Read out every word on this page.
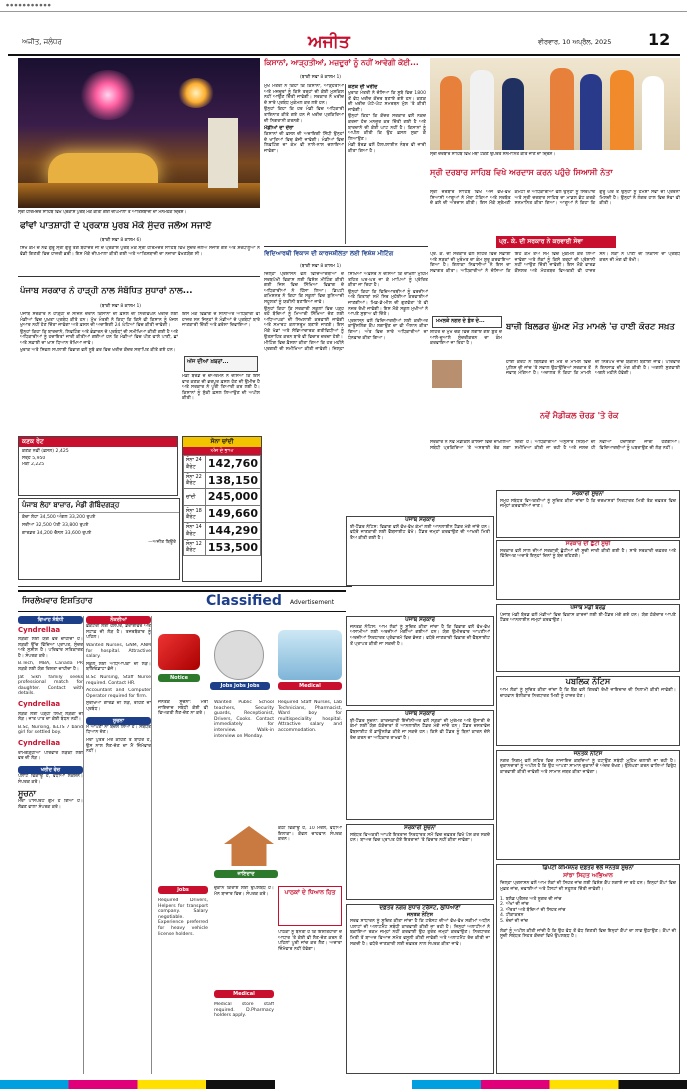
● ● ● ● ● ● ● ● ● ● ●
ਅਜੀਤ, ਜਲੰਧਰ	ਅਜੀਤ	ਵੀਰਵਾਰ, 10 ਅਪ੍ਰੈਲ, 2025 12
ਸ੍ਰੀ ਹਰਿਮੰਦਰ ਸਾਹਿਬ ਵਿਖੇ ਪ੍ਰਕਾਸ਼ ਪੁਰਬ ਮੌਕੇ ਕੀਤੀ ਗਈ ਦੀਪਮਾਲਾ ਤੇ ਆਤਿਸ਼ਬਾਜ਼ੀ ਦਾ ਮਨਮੋਹਕ ਦ੍ਰਿਸ਼।
ਫਾਂਵਾਂ ਪਾਤਸ਼ਾਹੀ ਦੇ ਪ੍ਰਕਾਸ਼ ਪੁਰਬ ਮੌਕੇ ਸੁੰਦਰ ਜਲੌਅ ਸਜਾਏ
(ਬਾਕੀ ਸਫਾ 8 ਕਾਲਮ 6)
ਸਿੱਖ ਕੌਮ ਦੇ ਨੌਵੇਂ ਗੁਰੂ ਸ੍ਰੀ ਗੁਰੂ ਤੇਗ ਬਹਾਦਰ ਜੀ ਦੇ ਪ੍ਰਕਾਸ਼ ਪੁਰਬ ਮੌਕੇ ਸ੍ਰੀ ਹਰਿਮੰਦਰ ਸਾਹਿਬ ਵਿਖੇ ਸੁੰਦਰ ਜਲੌਅ ਸਜਾਏ ਗਏ ਅਤੇ ਸ਼ਰਧਾਲੂਆਂ ਨੇ ਵੱਡੀ ਗਿਣਤੀ ਵਿਚ ਹਾਜ਼ਰੀ ਭਰੀ। ਇਸ ਮੌਕੇ ਦੀਪਮਾਲਾ ਕੀਤੀ ਗਈ ਅਤੇ ਆਤਿਸ਼ਬਾਜ਼ੀ ਦਾ ਨਜ਼ਾਰਾ ਵੇਖਣਯੋਗ ਸੀ।
ਪੰਜਾਬ ਸਰਕਾਰ ਨੇ ਹਾੜ੍ਹੀ ਨਾਲ ਸੰਬੰਧਿਤ ਸੁਧਾਰਾਂ ਨਾਲ...
(ਬਾਕੀ ਸਫਾ 8 ਕਾਲਮ 1)

ਪੰਜਾਬ ਸਰਕਾਰ ਨੇ ਹਾੜ੍ਹੀ ਦੇ ਸੀਜ਼ਨ ਦੌਰਾਨ ਕਿਸਾਨਾਂ ਦੀ ਫ਼ਸਲ ਦੀ ਨਿਰਵਿਘਨ ਖਰੀਦ ਲਈ ਮੰਡੀਆਂ ਵਿਚ ਪੁਖ਼ਤਾ ਪ੍ਰਬੰਧ ਕੀਤੇ ਹਨ। ਮੁੱਖ ਮੰਤਰੀ ਨੇ ਕਿਹਾ ਕਿ ਕਿਸੇ ਵੀ ਕਿਸਾਨ ਨੂੰ ਖੱਜਲ ਖੁਆਰ ਨਹੀਂ ਹੋਣ ਦਿੱਤਾ ਜਾਵੇਗਾ ਅਤੇ ਫ਼ਸਲ ਦੀ ਅਦਾਇਗੀ 24 ਘੰਟਿਆਂ ਵਿਚ ਕੀਤੀ ਜਾਵੇਗੀ।

ਉਨ੍ਹਾਂ ਕਿਹਾ ਕਿ ਬਾਰਦਾਨੇ, ਲਿਫਟਿੰਗ ਅਤੇ ਭੰਡਾਰਨ ਦੇ ਪ੍ਰਬੰਧਾਂ ਦੀ ਸਮੀਖਿਆ ਕੀਤੀ ਗਈ ਹੈ ਅਤੇ ਅਧਿਕਾਰੀਆਂ ਨੂੰ ਹਦਾਇਤਾਂ ਜਾਰੀ ਕੀਤੀਆਂ ਗਈਆਂ ਹਨ ਕਿ ਮੰਡੀਆਂ ਵਿਚ ਪੀਣ ਵਾਲੇ ਪਾਣੀ, ਛਾਂ ਅਤੇ ਸਫ਼ਾਈ ਦਾ ਖ਼ਾਸ ਧਿਆਨ ਰੱਖਿਆ ਜਾਵੇ।

ਖੁਰਾਕ ਅਤੇ ਸਿਵਲ ਸਪਲਾਈ ਵਿਭਾਗ ਵਲੋਂ ਸੂਬੇ ਭਰ ਵਿਚ ਖਰੀਦ ਕੇਂਦਰ ਸਥਾਪਿਤ ਕੀਤੇ ਗਏ ਹਨ।

ਇਸ ਮੌਕੇ ਵਿਭਾਗ ਦੇ ਸੀਨੀਅਰ ਅਧਿਕਾਰੀ ਵੀ ਹਾਜ਼ਰ ਸਨ ਜਿਨ੍ਹਾਂ ਨੇ ਮੰਡੀਆਂ ਦੇ ਪ੍ਰਬੰਧਾਂ ਬਾਰੇ ਜਾਣਕਾਰੀ ਦਿੱਤੀ ਅਤੇ ਭਰੋਸਾ ਦਿਵਾਇਆ।
ਅੱਜ ਦੀਆਂ ਖ਼ਬਰਾਂ...
ਮੰਡੀ ਬੋਰਡ ਦੇ ਚੇਅਰਮੈਨ ਨੇ ਦੱਸਿਆ ਕਿ ਇਸ ਵਾਰ ਕਣਕ ਦੀ ਭਰਪੂਰ ਫ਼ਸਲ ਹੋਣ ਦੀ ਉਮੀਦ ਹੈ ਅਤੇ ਸਰਕਾਰ ਨੇ ਪੂਰੀ ਤਿਆਰੀ ਕਰ ਲਈ ਹੈ। ਕਿਸਾਨਾਂ ਨੂੰ ਸੁੱਕੀ ਫ਼ਸਲ ਲਿਆਉਣ ਦੀ ਅਪੀਲ ਕੀਤੀ।
ਕਣਕ ਰੇਟ
ਕਣਕ ਨਵੀਂ (ਫ਼ਸਲ) 2,425
ਸਰ੍ਹੋਂ 5,950
ਮੱਕੀ 2,225
ਪੰਜਾਬ ਲੇਹਾ ਬਾਜ਼ਾਰ, ਮੰਡੀ ਗੋਬਿੰਦਗੜ੍ਹ
ਕੱਚਾ ਲੋਹਾ 34,500 ਅੰਗਲ 33,200 ਰੁਪਏ
ਸਰੀਆ 32,500 ਪੱਤੀ 33,800 ਰੁਪਏ
ਗਾਰਡਰ 34,200 ਚੈਨਲ 33,600 ਰੁਪਏ
—ਅਜੀਤ ਬਿਊਰੋ
ਸੋਨਾ ਚਾਂਦੀ
ਅੱਜ ਦੇ ਭਾਅ
ਸੋਨਾ 24 ਕੈਰੇਟ	142,760
ਸੋਨਾ 22 ਕੈਰੇਟ	138,150
ਚਾਂਦੀ	245,000
ਸੋਨਾ 18 ਕੈਰੇਟ	149,660
ਸੋਨਾ 14 ਕੈਰੇਟ	144,290
ਸੋਨਾ 12 ਕੈਰੇਟ	153,500
ਕਿਸਾਨਾਂ, ਆੜ੍ਹਤੀਆਂ, ਮਜ਼ਦੂਰਾਂ ਨੂੰ ਨਹੀਂ ਆਵੇਗੀ ਕੋਈ...
(ਬਾਕੀ ਸਫਾ 8 ਕਾਲਮ 1)

ਮੁੱਖ ਮੰਤਰੀ ਨੇ ਕਿਹਾ ਕਿ ਕਿਸਾਨਾਂ, ਆੜ੍ਹਤੀਆਂ ਅਤੇ ਮਜ਼ਦੂਰਾਂ ਨੂੰ ਕਿਸੇ ਤਰ੍ਹਾਂ ਦੀ ਕੋਈ ਮੁਸ਼ਕਿਲ ਨਹੀਂ ਆਉਣ ਦਿੱਤੀ ਜਾਵੇਗੀ। ਸਰਕਾਰ ਨੇ ਖਰੀਦ ਦੇ ਸਾਰੇ ਪ੍ਰਬੰਧ ਮੁਕੰਮਲ ਕਰ ਲਏ ਹਨ।

ਉਨ੍ਹਾਂ ਕਿਹਾ ਕਿ ਹਰ ਮੰਡੀ ਵਿਚ ਅਧਿਕਾਰੀ ਤਾਇਨਾਤ ਕੀਤੇ ਗਏ ਹਨ ਜੋ ਖਰੀਦ ਪ੍ਰਕਿਰਿਆ ਦੀ ਨਿਗਰਾਨੀ ਕਰਨਗੇ।

ਮੰਡੀਆਂ ਦਾ ਦੌਰਾ

ਕਿਸਾਨਾਂ ਦੀ ਫ਼ਸਲ ਦੀ ਅਦਾਇਗੀ ਸਿੱਧੀ ਉਨ੍ਹਾਂ ਦੇ ਖਾਤਿਆਂ ਵਿਚ ਭੇਜੀ ਜਾਵੇਗੀ। ਮੰਡੀਆਂ ਵਿਚ ਲਿਫ਼ਟਿੰਗ ਦਾ ਕੰਮ ਵੀ ਨਾਲੋ-ਨਾਲ ਚਲਾਇਆ ਜਾਵੇਗਾ।

ਕਣਕ ਦੀ ਖਰੀਦ

ਖੁਰਾਕ ਮੰਤਰੀ ਨੇ ਦੱਸਿਆ ਕਿ ਸੂਬੇ ਵਿਚ 1800 ਤੋਂ ਵੱਧ ਖਰੀਦ ਕੇਂਦਰ ਬਣਾਏ ਗਏ ਹਨ। ਕਣਕ ਦੀ ਖਰੀਦ ਘੱਟੋ-ਘੱਟ ਸਮਰਥਨ ਮੁੱਲ 'ਤੇ ਕੀਤੀ ਜਾਵੇਗੀ।

ਉਨ੍ਹਾਂ ਕਿਹਾ ਕਿ ਕੇਂਦਰ ਸਰਕਾਰ ਵਲੋਂ ਨਕਦ ਕਰਜ਼ਾ ਹੱਦ ਮਨਜ਼ੂਰ ਕਰ ਦਿੱਤੀ ਗਈ ਹੈ ਅਤੇ ਬਾਰਦਾਨੇ ਦੀ ਕੋਈ ਘਾਟ ਨਹੀਂ ਹੈ। ਕਿਸਾਨਾਂ ਨੂੰ ਅਪੀਲ ਕੀਤੀ ਕਿ ਉਹ ਫ਼ਸਲ ਸੁਕਾ ਕੇ ਲਿਆਉਣ।

ਮੰਡੀ ਬੋਰਡ ਵਲੋਂ ਹੈਲਪਲਾਈਨ ਨੰਬਰ ਵੀ ਜਾਰੀ ਕੀਤਾ ਗਿਆ ਹੈ।

ਵਿਦਿਆਰਥੀ ਵਿਕਾਸ ਦੀ ਕਾਰਜਸ਼ੀਲਤਾ ਲਈ ਵਿਸ਼ੇਸ਼ ਮੀਟਿੰਗ
(ਬਾਕੀ ਸਫਾ 8 ਕਾਲਮ 1)

ਜ਼ਿਲ੍ਹਾ ਪ੍ਰਸ਼ਾਸਨ ਵਲੋਂ ਵਿਦਿਆਰਥੀਆਂ ਦੇ ਸਰਬਪੱਖੀ ਵਿਕਾਸ ਲਈ ਵਿਸ਼ੇਸ਼ ਮੀਟਿੰਗ ਕੀਤੀ ਗਈ ਜਿਸ ਵਿਚ ਸਿੱਖਿਆ ਵਿਭਾਗ ਦੇ ਅਧਿਕਾਰੀਆਂ ਨੇ ਹਿੱਸਾ ਲਿਆ। ਡਿਪਟੀ ਕਮਿਸ਼ਨਰ ਨੇ ਕਿਹਾ ਕਿ ਸਕੂਲਾਂ ਵਿਚ ਬੁਨਿਆਦੀ ਸਹੂਲਤਾਂ ਨੂੰ ਯਕੀਨੀ ਬਣਾਇਆ ਜਾਵੇ।

ਉਨ੍ਹਾਂ ਕਿਹਾ ਕਿ ਸਰਕਾਰੀ ਸਕੂਲਾਂ ਵਿਚ ਪੜ੍ਹ ਰਹੇ ਬੱਚਿਆਂ ਨੂੰ ਮਿਆਰੀ ਸਿੱਖਿਆ ਦੇਣ ਲਈ ਅਧਿਆਪਕਾਂ ਦੀ ਸਿਖਲਾਈ ਕਰਵਾਈ ਜਾਵੇਗੀ ਅਤੇ ਸਮਾਰਟ ਕਲਾਸਰੂਮ ਬਣਾਏ ਜਾਣਗੇ। ਇਸ ਮੌਕੇ ਖੇਡਾਂ ਅਤੇ ਸੱਭਿਆਚਾਰਕ ਗਤੀਵਿਧੀਆਂ ਨੂੰ ਉਤਸ਼ਾਹਿਤ ਕਰਨ ਬਾਰੇ ਵੀ ਵਿਚਾਰ ਚਰਚਾ ਹੋਈ।

ਮੀਟਿੰਗ ਵਿਚ ਫ਼ੈਸਲਾ ਕੀਤਾ ਗਿਆ ਕਿ ਹਰ ਮਹੀਨੇ ਪ੍ਰਗਤੀ ਦੀ ਸਮੀਖਿਆ ਕੀਤੀ ਜਾਵੇਗੀ। ਜ਼ਿਲ੍ਹਾ ਸਿੱਖਿਆ ਅਫ਼ਸਰ ਨੇ ਦੱਸਿਆ ਕਿ ਦਾਖ਼ਲਾ ਮੁਹਿੰਮ ਤਹਿਤ ਘਰ-ਘਰ ਜਾ ਕੇ ਮਾਪਿਆਂ ਨੂੰ ਪ੍ਰੇਰਿਤ ਕੀਤਾ ਜਾ ਰਿਹਾ ਹੈ।

ਉਨ੍ਹਾਂ ਕਿਹਾ ਕਿ ਵਿਦਿਆਰਥੀਆਂ ਨੂੰ ਵਰਦੀਆਂ ਅਤੇ ਕਿਤਾਬਾਂ ਸਮੇਂ ਸਿਰ ਮੁਹੱਈਆ ਕਰਵਾਈਆਂ ਜਾਣਗੀਆਂ। ਮਿਡ-ਡੇ-ਮੀਲ ਦੀ ਗੁਣਵੱਤਾ 'ਤੇ ਵੀ ਨਜ਼ਰ ਰੱਖੀ ਜਾਵੇਗੀ। ਇਸ ਮੌਕੇ ਸਕੂਲ ਮੁਖੀਆਂ ਨੇ ਆਪਣੇ ਸੁਝਾਅ ਵੀ ਦਿੱਤੇ।

ਪ੍ਰਸ਼ਾਸਨ ਵਲੋਂ ਵਿਦਿਆਰਥੀਆਂ ਲਈ ਕਰੀਅਰ ਕਾਊਂਸਲਿੰਗ ਕੈਂਪ ਲਗਾਉਣ ਦਾ ਵੀ ਐਲਾਨ ਕੀਤਾ ਗਿਆ। ਅੰਤ ਵਿਚ ਸਾਰੇ ਅਧਿਕਾਰੀਆਂ ਦਾ ਧੰਨਵਾਦ ਕੀਤਾ ਗਿਆ।

ਸ੍ਰੀ ਦਰਬਾਰ ਸਾਹਿਬ ਵਿਖੇ ਮੱਥਾ ਟੇਕਣ ਉਪਰੰਤ ਸਨਮਾਨਿਤ ਕੀਤੇ ਜਾਣ ਦਾ ਦ੍ਰਿਸ਼।
ਸ੍ਰੀ ਦਰਬਾਰ ਸਾਹਿਬ ਵਿਖੇ ਅਰਦਾਸ ਕਰਨ ਪਹੁੰਚੇ ਸਿਆਸੀ ਨੇਤਾ
ਸ੍ਰੀ ਦਰਬਾਰ ਸਾਹਿਬ ਵਿਖੇ ਅੱਜ ਵੱਖ-ਵੱਖ ਸਿਆਸੀ ਆਗੂਆਂ ਨੇ ਮੱਥਾ ਟੇਕਿਆ ਅਤੇ ਸਰਬੱਤ ਦੇ ਭਲੇ ਦੀ ਅਰਦਾਸ ਕੀਤੀ। ਇਸ ਮੌਕੇ ਸ਼੍ਰੋਮਣੀ ਕਮੇਟੀ ਦੇ ਅਧਿਕਾਰੀਆਂ ਵਲੋਂ ਉਨ੍ਹਾਂ ਨੂੰ ਸਿਰੋਪਾਓ ਅਤੇ ਸ੍ਰੀ ਦਰਬਾਰ ਸਾਹਿਬ ਦਾ ਮਾਡਲ ਭੇਟ ਕਰਕੇ ਸਨਮਾਨਿਤ ਕੀਤਾ ਗਿਆ। ਆਗੂਆਂ ਨੇ ਕਿਹਾ ਕਿ ਗੁਰੂ ਘਰ ਤੋਂ ਉਨ੍ਹਾਂ ਨੂੰ ਹਮੇਸ਼ਾ ਸੇਵਾ ਦੀ ਪ੍ਰੇਰਨਾ ਮਿਲਦੀ ਹੈ। ਉਨ੍ਹਾਂ ਨੇ ਲੰਗਰ ਹਾਲ ਵਿਚ ਸੇਵਾ ਵੀ ਕੀਤੀ।
ਪ੍ਰ. ਕੇ. ਦੀ ਸਰਕਾਰ ਨੇ ਕਰਵਾਈ ਸੇਵਾ
ਪ੍ਰ. ਕੇ. ਦੀ ਸਰਕਾਰ ਵਲੋਂ ਸ਼ਹਿਰ ਵਿਚ ਸਫ਼ਾਈ ਅਤੇ ਸੜਕਾਂ ਦੀ ਮੁਰੰਮਤ ਦਾ ਕੰਮ ਸ਼ੁਰੂ ਕਰਵਾਇਆ ਗਿਆ ਹੈ। ਇਲਾਕਾ ਨਿਵਾਸੀਆਂ ਨੇ ਇਸ ਦਾ ਸਵਾਗਤ ਕੀਤਾ। ਅਧਿਕਾਰੀਆਂ ਨੇ ਦੱਸਿਆ ਕਿ ਇਹ ਕੰਮ ਤੈਅ ਸਮੇਂ ਵਿਚ ਮੁਕੰਮਲ ਕਰ ਲਿਆ ਜਾਵੇਗਾ ਅਤੇ ਲੋਕਾਂ ਨੂੰ ਕਿਸੇ ਤਰ੍ਹਾਂ ਦੀ ਪ੍ਰੇਸ਼ਾਨੀ ਨਹੀਂ ਆਉਣ ਦਿੱਤੀ ਜਾਵੇਗੀ। ਇਸ ਮੌਕੇ ਵਾਰਡ ਕੌਂਸਲਰ ਅਤੇ ਮੋਹਤਬਰ ਵਿਅਕਤੀ ਵੀ ਹਾਜ਼ਰ ਸਨ। ਲੋਕਾਂ ਨੇ ਪਾਣੀ ਦੀ ਨਿਕਾਸੀ ਦਾ ਪ੍ਰਬੰਧ ਕਰਨ ਦੀ ਮੰਗ ਵੀ ਰੱਖੀ।
ਮਮਲਕੇ ਨਗਰ ਦੇ ਬੁੱਤ ਦੇ...
ਸ਼ਹਿਰ ਦੇ ਮੁੱਖ ਚੌਕ ਵਿਚ ਲਗਾਏ ਗਏ ਬੁੱਤ ਦੇ ਆਲੇ-ਦੁਆਲੇ ਸੁੰਦਰੀਕਰਨ ਦਾ ਕੰਮ ਕਰਵਾਇਆ ਜਾ ਰਿਹਾ ਹੈ।
ਬਾਜ਼ੀ ਬਿਲਡਰ ਘੁੰਮਣ ਮੌਤ ਮਾਮਲੇ 'ਚ ਹਾਈ ਕੋਰਟ ਸਖ਼ਤ
ਹਾਈ ਕੋਰਟ ਨੇ ਬਿਲਡਰ ਦੀ ਮੌਤ ਦੇ ਮਾਮਲੇ ਵਿਚ ਪੁਲਿਸ ਦੀ ਜਾਂਚ 'ਤੇ ਸਵਾਲ ਉਠਾਉਂਦਿਆਂ ਸਰਕਾਰ ਤੋਂ ਜਵਾਬ ਮੰਗਿਆ ਹੈ। ਅਦਾਲਤ ਨੇ ਕਿਹਾ ਕਿ ਮਾਮਲੇ ਦੀ ਨਿਰਪੱਖ ਜਾਂਚ ਯਕੀਨੀ ਬਣਾਈ ਜਾਵੇ। ਪਰਿਵਾਰ ਨੇ ਇਨਸਾਫ਼ ਦੀ ਮੰਗ ਕੀਤੀ ਹੈ। ਅਗਲੀ ਸੁਣਵਾਈ ਅਗਲੇ ਮਹੀਨੇ ਹੋਵੇਗੀ।
ਨਵੇਂ ਮੈਡੀਕਲ ਚੋਰਡ 'ਤੇ ਰੋਕ
ਸਰਕਾਰ ਨੇ ਨਵੇਂ ਮੈਡੀਕਲ ਕਾਲਜਾਂ ਵਿਚ ਦਾਖ਼ਲਿਆਂ ਸਬੰਧੀ ਪ੍ਰਕਿਰਿਆ 'ਤੇ ਅਸਥਾਈ ਰੋਕ ਲਗਾ ਦਿੱਤੀ ਹੈ। ਅਧਿਕਾਰੀਆਂ ਅਨੁਸਾਰ ਨਿਯਮਾਂ ਦੀ ਸਮੀਖਿਆ ਕੀਤੀ ਜਾ ਰਹੀ ਹੈ ਅਤੇ ਜਲਦ ਹੀ ਨਵੀਂਆਂ ਹਦਾਇਤਾਂ ਜਾਰੀ ਹੋਣਗੀਆਂ। ਵਿਦਿਆਰਥੀਆਂ ਨੂੰ ਘਬਰਾਉਣ ਦੀ ਲੋੜ ਨਹੀਂ।
ਸਰਕਾਰੀ ਸੂਚਨਾ
ਸਮੂਹ ਸਬੰਧਤ ਵਿਅਕਤੀਆਂ ਨੂੰ ਸੂਚਿਤ ਕੀਤਾ ਜਾਂਦਾ ਹੈ ਕਿ ਦਰਖ਼ਾਸਤਾਂ ਨਿਰਧਾਰਤ ਮਿਤੀ ਤੱਕ ਦਫ਼ਤਰ ਵਿਚ ਜਮ੍ਹਾਂ ਕਰਵਾਈਆਂ ਜਾਣ।
ਪੰਜਾਬ ਸਰਕਾਰ
ਈ-ਟੈਂਡਰ ਨੋਟਿਸ: ਵਿਭਾਗ ਵਲੋਂ ਵੱਖ-ਵੱਖ ਕੰਮਾਂ ਲਈ ਆਨਲਾਈਨ ਟੈਂਡਰ ਮੰਗੇ ਜਾਂਦੇ ਹਨ। ਵਧੇਰੇ ਜਾਣਕਾਰੀ ਲਈ ਵੈੱਬਸਾਈਟ ਵੇਖੋ। ਟੈਂਡਰ ਜਮ੍ਹਾਂ ਕਰਵਾਉਣ ਦੀ ਆਖ਼ਰੀ ਮਿਤੀ ਤੈਅ ਕੀਤੀ ਗਈ ਹੈ।
ਸਿਰਲੇਖਵਾਰ ਇਸ਼ਤਿਹਾਰ	Classified Advertisement
ਵਿਆਹ ਸੰਬੰਧੀ
Cyndrellaa
ਲੜਕੀ ਲਈ ਯੋਗ ਵਰ ਚਾਹੀਦਾ ਹੈ। ਲੜਕੀ ਉੱਚ ਵਿੱਦਿਆ ਪ੍ਰਾਪਤ, ਸੁੰਦਰ ਅਤੇ ਸੁਸ਼ੀਲ ਹੈ। ਪਰਿਵਾਰ ਸਤਿਕਾਰਤ ਹੈ। ਸੰਪਰਕ ਕਰੋ।
B.Tech, MBA, Canada PR ਲੜਕੇ ਲਈ ਯੋਗ ਰਿਸ਼ਤਾ ਚਾਹੀਦਾ ਹੈ।
Jat Sikh family seeks professional match for daughter. Contact with details.
Cyndrellaa
ਲੜਕੇ ਲਈ ਪੜ੍ਹੀ ਲਿਖੀ ਲੜਕੀ ਦੀ ਲੋੜ। ਜਾਤ ਪਾਤ ਦਾ ਕੋਈ ਬੰਧਨ ਨਹੀਂ।
B.Sc, Nursing, IELTS 7 band girl for settled boy.
Cyndrellaa
ਰਾਮਗੜ੍ਹੀਆ ਪਰਿਵਾਰ ਲੜਕੀ ਲਈ ਵਰ ਦੀ ਲੋੜ।
ਖਰੀਦ ਵੇਚ
ਪਲਾਟ ਵਿਕਾਊ ਹੈ, ਵਧੀਆ ਲੋਕੇਸ਼ਨ। ਸੰਪਰਕ ਕਰੋ।
ਸੂਚਨਾ
ਮੇਰਾ ਪਾਸਪੋਰਟ ਗੁੰਮ ਹੋ ਗਿਆ ਹੈ। ਲੱਭਣ ਵਾਲਾ ਸੰਪਰਕ ਕਰੇ।
ਨੌਕਰੀਆਂ
ਫ਼ੈਕਟਰੀ ਲਈ ਹੈਲਪਰ, ਡਰਾਈਵਰ ਅਤੇ ਸਟਾਫ਼ ਦੀ ਲੋੜ ਹੈ। ਤਜਰਬੇਕਾਰ ਨੂੰ ਪਹਿਲ।
Wanted Nurses, GNM, ANM for hospital. Attractive salary.
ਸਕੂਲ ਲਈ ਅਧਿਆਪਕਾਂ ਦੀ ਲੋੜ। ਬਾਇਓਡਾਟਾ ਭੇਜੋ।
B.Sc Nursing, Staff Nurse required. Contact HR.
Accountant and Computer Operator required for firm.
ਸੁਰੱਖਿਆ ਗਾਰਡ ਦੀ ਲੋੜ, ਰਹਿਣ ਦਾ ਪ੍ਰਬੰਧ।
ਸੂਚਨਾ
ਮੈਂ ਆਪਣਾ ਨਾਂ ਬਦਲ ਲਿਆ ਹੈ। ਸਬੰਧਤ ਧਿਆਨ ਦੇਣ।
ਮੇਰਾ ਪੁੱਤਰ ਮੇਰੇ ਕਹਿਣੇ ਤੋਂ ਬਾਹਰ ਹੈ, ਉਸ ਨਾਲ ਲੈਣ-ਦੇਣ ਦਾ ਮੈਂ ਜ਼ਿੰਮੇਵਾਰ ਨਹੀਂ।
Notice
Jobs Jobs Jobs	Medical
Wanted Public School teachers, Security guards, Receptionist, Drivers, Cooks. Contact immediately for interview. Walk-in interview on Monday.
Required Staff Nurses, Lab Technicians, Pharmacist, Ward boy for multispeciality hospital. Attractive salary and accommodation.
ਜਨਤਕ ਸੂਚਨਾ: ਮੇਰੀ ਜਾਇਦਾਦ ਸਬੰਧੀ ਕੋਈ ਵੀ ਵਿਅਕਤੀ ਲੈਣ-ਦੇਣ ਨਾ ਕਰੇ।
ਜਾਇਦਾਦ
ਕੋਠੀ ਵਿਕਾਊ ਹੈ, 10 ਮਰਲੇ, ਵਧੀਆ ਇਲਾਕਾ। ਕੇਵਲ ਚਾਹਵਾਨ ਸੰਪਰਕ ਕਰਨ।
Jobs
Required Drivers, Helpers for transport company. Salary negotiable. Experience preferred for heavy vehicle license holders.
ਦੁਕਾਨ ਕਿਰਾਏ ਲਈ ਉਪਲਬਧ ਹੈ। ਮੇਨ ਬਾਜ਼ਾਰ ਵਿਚ। ਸੰਪਰਕ ਕਰੋ।	ਪਾਠਕਾਂ ਦੇ ਧਿਆਨ ਹਿਤ
ਪਾਠਕਾਂ ਨੂੰ ਬੇਨਤੀ ਹੈ ਕਿ ਇਸ਼ਤਿਹਾਰਾਂ ਦੇ ਆਧਾਰ 'ਤੇ ਕੋਈ ਵੀ ਲੈਣ-ਦੇਣ ਕਰਨ ਤੋਂ ਪਹਿਲਾਂ ਪੂਰੀ ਜਾਂਚ ਕਰ ਲੈਣ। ਅਦਾਰਾ ਜ਼ਿੰਮੇਵਾਰ ਨਹੀਂ ਹੋਵੇਗਾ।
Medical
Medical store staff required. D.Pharmacy holders apply.
ਪੰਜਾਬ ਸਰਕਾਰ
ਜਨਤਕ ਨੋਟਿਸ: ਆਮ ਲੋਕਾਂ ਨੂੰ ਸੂਚਿਤ ਕੀਤਾ ਜਾਂਦਾ ਹੈ ਕਿ ਵਿਭਾਗ ਵਲੋਂ ਵੱਖ-ਵੱਖ ਅਸਾਮੀਆਂ ਲਈ ਅਰਜ਼ੀਆਂ ਮੰਗੀਆਂ ਗਈਆਂ ਹਨ। ਯੋਗ ਉਮੀਦਵਾਰ ਆਪਣੀਆਂ ਅਰਜ਼ੀਆਂ ਨਿਰਧਾਰਤ ਪ੍ਰੋਫਾਰਮੇ ਵਿਚ ਭੇਜਣ। ਵਧੇਰੇ ਜਾਣਕਾਰੀ ਵਿਭਾਗ ਦੀ ਵੈੱਬਸਾਈਟ ਤੋਂ ਪ੍ਰਾਪਤ ਕੀਤੀ ਜਾ ਸਕਦੀ ਹੈ।
ਪੰਜਾਬ ਸਰਕਾਰ
ਈ-ਟੈਂਡਰ ਸੂਚਨਾ: ਕਾਰਜਕਾਰੀ ਇੰਜੀਨੀਅਰ ਵਲੋਂ ਸੜਕਾਂ ਦੀ ਮੁਰੰਮਤ ਅਤੇ ਉਸਾਰੀ ਦੇ ਕੰਮਾਂ ਲਈ ਯੋਗ ਠੇਕੇਦਾਰਾਂ ਤੋਂ ਆਨਲਾਈਨ ਟੈਂਡਰ ਮੰਗੇ ਜਾਂਦੇ ਹਨ। ਟੈਂਡਰ ਦਸਤਾਵੇਜ਼ ਵੈੱਬਸਾਈਟ ਤੋਂ ਡਾਊਨਲੋਡ ਕੀਤੇ ਜਾ ਸਕਦੇ ਹਨ। ਕਿਸੇ ਵੀ ਟੈਂਡਰ ਨੂੰ ਬਿਨਾਂ ਕਾਰਨ ਦੱਸੇ ਰੱਦ ਕਰਨ ਦਾ ਅਧਿਕਾਰ ਰਾਖਵਾਂ ਹੈ।
ਸਰਕਾਰੀ ਸੂਚਨਾ
ਸਬੰਧਤ ਵਿਅਕਤੀ ਆਪਣੇ ਇਤਰਾਜ਼ ਨਿਰਧਾਰਤ ਸਮੇਂ ਵਿਚ ਦਫ਼ਤਰ ਵਿਖੇ ਪੇਸ਼ ਕਰ ਸਕਦੇ ਹਨ। ਬਾਅਦ ਵਿਚ ਪ੍ਰਾਪਤ ਹੋਏ ਇਤਰਾਜ਼ਾਂ 'ਤੇ ਵਿਚਾਰ ਨਹੀਂ ਕੀਤਾ ਜਾਵੇਗਾ।
ਦਫ਼ਤਰ ਨਗਰ ਸੁਧਾਰ ਟਰੱਸਟ, ਲੁਧਿਆਣਾ
ਜਨਤਕ ਨੋਟਿਸ
ਸਰਵ ਸਾਧਾਰਨ ਨੂੰ ਸੂਚਿਤ ਕੀਤਾ ਜਾਂਦਾ ਹੈ ਕਿ ਟਰੱਸਟ ਦੀਆਂ ਵੱਖ-ਵੱਖ ਸਕੀਮਾਂ ਅਧੀਨ ਪਲਾਟਾਂ ਦੀ ਅਲਾਟਮੈਂਟ ਸਬੰਧੀ ਕਾਰਵਾਈ ਕੀਤੀ ਜਾ ਰਹੀ ਹੈ। ਜਿਨ੍ਹਾਂ ਅਲਾਟੀਆਂ ਨੇ ਬਕਾਇਆ ਰਕਮ ਜਮ੍ਹਾਂ ਨਹੀਂ ਕਰਵਾਈ ਉਹ ਤੁਰੰਤ ਜਮ੍ਹਾਂ ਕਰਵਾਉਣ। ਨਿਰਧਾਰਤ ਮਿਤੀ ਤੋਂ ਬਾਅਦ ਵਿਆਜ ਸਮੇਤ ਵਸੂਲੀ ਕੀਤੀ ਜਾਵੇਗੀ ਅਤੇ ਅਲਾਟਮੈਂਟ ਰੱਦ ਕੀਤੀ ਜਾ ਸਕਦੀ ਹੈ। ਵਧੇਰੇ ਜਾਣਕਾਰੀ ਲਈ ਦਫ਼ਤਰ ਨਾਲ ਸੰਪਰਕ ਕੀਤਾ ਜਾਵੇ।
ਸਰਕਾਰ ਦੀ ਛੁੱਟੀ ਸੂਚੀ
ਸਰਕਾਰ ਵਲੋਂ ਸਾਲ ਦੀਆਂ ਸਰਕਾਰੀ ਛੁੱਟੀਆਂ ਦੀ ਸੂਚੀ ਜਾਰੀ ਕੀਤੀ ਗਈ ਹੈ। ਸਾਰੇ ਸਰਕਾਰੀ ਦਫ਼ਤਰ ਅਤੇ ਵਿੱਦਿਅਕ ਅਦਾਰੇ ਇਨ੍ਹਾਂ ਦਿਨਾਂ ਨੂੰ ਬੰਦ ਰਹਿਣਗੇ।
ਪੰਜਾਬ ਮੰਡੀ ਬੋਰਡ
ਪੰਜਾਬ ਮੰਡੀ ਬੋਰਡ ਵਲੋਂ ਮੰਡੀਆਂ ਵਿਚ ਵਿਕਾਸ ਕਾਰਜਾਂ ਲਈ ਈ-ਟੈਂਡਰ ਮੰਗੇ ਗਏ ਹਨ। ਯੋਗ ਠੇਕੇਦਾਰ ਆਪਣੇ ਟੈਂਡਰ ਆਨਲਾਈਨ ਜਮ੍ਹਾਂ ਕਰਵਾਉਣ।
ਪਬਲਿਕ ਨੋਟਿਸ
ਆਮ ਲੋਕਾਂ ਨੂੰ ਸੂਚਿਤ ਕੀਤਾ ਜਾਂਦਾ ਹੈ ਕਿ ਬੈਂਕ ਵਲੋਂ ਗਿਰਵੀ ਰੱਖੀ ਜਾਇਦਾਦ ਦੀ ਨਿਲਾਮੀ ਕੀਤੀ ਜਾਵੇਗੀ। ਚਾਹਵਾਨ ਬੋਲੀਕਾਰ ਨਿਰਧਾਰਤ ਮਿਤੀ ਨੂੰ ਹਾਜ਼ਰ ਹੋਣ।
ਜਨਤਕ ਨੋਟਿਸ
ਨਗਰ ਨਿਗਮ ਵਲੋਂ ਸ਼ਹਿਰ ਵਿਚ ਨਾਜਾਇਜ਼ ਕਬਜ਼ਿਆਂ ਨੂੰ ਹਟਾਉਣ ਸਬੰਧੀ ਮੁਹਿੰਮ ਚਲਾਈ ਜਾ ਰਹੀ ਹੈ। ਦੁਕਾਨਦਾਰਾਂ ਨੂੰ ਅਪੀਲ ਹੈ ਕਿ ਉਹ ਆਪਣਾ ਸਾਮਾਨ ਦੁਕਾਨਾਂ ਦੇ ਅੰਦਰ ਰੱਖਣ। ਉਲੰਘਣਾ ਕਰਨ ਵਾਲਿਆਂ ਵਿਰੁੱਧ ਕਾਰਵਾਈ ਕੀਤੀ ਜਾਵੇਗੀ ਅਤੇ ਸਾਮਾਨ ਜ਼ਬਤ ਕੀਤਾ ਜਾਵੇਗਾ।
ਡਿਪਟੀ ਕਮਿਸ਼ਨਰ ਦਫ਼ਤਰ ਵਲੋਂ ਜਨਤਕ ਸੂਚਨਾ
ਸਾਂਝਾ ਸਿਹਤ ਅਭਿਆਨ
ਜ਼ਿਲ੍ਹਾ ਪ੍ਰਸ਼ਾਸਨ ਵਲੋਂ ਆਮ ਲੋਕਾਂ ਦੀ ਸਿਹਤ ਜਾਂਚ ਲਈ ਵਿਸ਼ੇਸ਼ ਕੈਂਪ ਲਗਾਏ ਜਾ ਰਹੇ ਹਨ। ਇਨ੍ਹਾਂ ਕੈਂਪਾਂ ਵਿਚ ਮੁਫ਼ਤ ਜਾਂਚ, ਦਵਾਈਆਂ ਅਤੇ ਟੈਸਟਾਂ ਦੀ ਸਹੂਲਤ ਦਿੱਤੀ ਜਾਵੇਗੀ।
1. ਬਲੱਡ ਪ੍ਰੈਸ਼ਰ ਅਤੇ ਸ਼ੂਗਰ ਦੀ ਜਾਂਚ
2. ਅੱਖਾਂ ਦੀ ਜਾਂਚ
3. ਔਰਤਾਂ ਅਤੇ ਬੱਚਿਆਂ ਦੀ ਸਿਹਤ ਜਾਂਚ
4. ਟੀਕਾਕਰਨ
5. ਦੰਦਾਂ ਦੀ ਜਾਂਚ
ਲੋਕਾਂ ਨੂੰ ਅਪੀਲ ਕੀਤੀ ਜਾਂਦੀ ਹੈ ਕਿ ਉਹ ਵੱਧ ਤੋਂ ਵੱਧ ਗਿਣਤੀ ਵਿਚ ਇਨ੍ਹਾਂ ਕੈਂਪਾਂ ਦਾ ਲਾਭ ਉਠਾਉਣ। ਕੈਂਪਾਂ ਦੀ ਸੂਚੀ ਸਬੰਧਤ ਸਿਹਤ ਕੇਂਦਰਾਂ ਵਿਖੇ ਉਪਲਬਧ ਹੈ।
